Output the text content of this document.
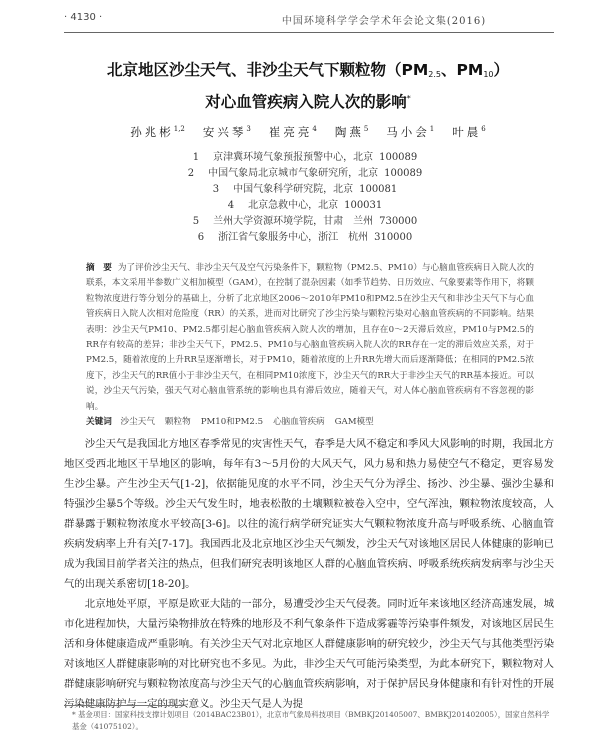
· 4130 ·	中国环境科学学会学术年会论文集(2016)
北京地区沙尘天气、非沙尘天气下颗粒物（$PM_{2.5}$、$PM_{10}$）
对心血管疾病入院人次的影响*
孙兆彬$^{1,2}$ 安兴琴$^3$ 崔亮亮$^4$ 陶燕$^5$ 马小会$^1$ 叶晨$^6$
1 京津冀环境气象预报预警中心，北京 100089
2 中国气象局北京城市气象研究所，北京 100089
3 中国气象科学研究院，北京 100081
4 北京急救中心，北京 100031
5 兰州大学资源环境学院，甘肃　兰州 730000
6 浙江省气象服务中心，浙江　杭州 310000
摘　要 为了评价沙尘天气、非沙尘天气及空气污染条件下，颗粒物（PM2.5、PM10）与心脑血管疾病日入院人次的联系，本文采用半参数广义相加模型（GAM），在控制了混杂因素（如季节趋势、日历效应、气象要素等作用下，将颗粒物浓度进行等分划分的基础上，分析了北京地区2006～2010年PM10和PM2.5在沙尘天气和非沙尘天气下与心血管疾病日入院人次相对危险度（RR）的关系，进而对比研究了沙尘污染与颗粒污染对心脑血管疾病的不同影响。结果表明：沙尘天气PM10、PM2.5都引起心脑血管疾病入院人次的增加，且存在0～2天滞后效应，PM10与PM2.5的RR存有较高的差异；非沙尘天气下，PM2.5、PM10与心脑血管疾病入院人次的RR存在一定的滞后效应关系，对于PM2.5，随着浓度的上升RR呈逐渐增长，对于PM10，随着浓度的上升RR先增大而后逐渐降低；在相同的PM2.5浓度下，沙尘天气的RR值小于非沙尘天气，在相同PM10浓度下，沙尘天气的RR大于非沙尘天气的RR基本接近。可以说，沙尘天气污染，强天气对心脑血管系统的影响也具有滞后效应，随着天气，对人体心脑血管疾病有不容忽视的影响。
关键词 沙尘天气 颗粒物 PM10和PM2.5 心脑血管疾病 GAM模型

沙尘天气是我国北方地区春季常见的灾害性天气，春季是大风不稳定和季风大风影响的时期，我国北方地区受西北地区干旱地区的影响，每年有3～5月份的大风天气，风力易和热力易使空气不稳定，更容易发生沙尘暴。产生沙尘天气[1-2]，依据能见度的水平不同，沙尘天气分为浮尘、扬沙、沙尘暴、强沙尘暴和特强沙尘暴5个等级。沙尘天气发生时，地表松散的土壤颗粒被卷入空中，空气浑浊，颗粒物浓度较高，人群暴露于颗粒物浓度水平较高[3-6]。以往的流行病学研究证实大气颗粒物浓度升高与呼吸系统、心脑血管疾病发病率上升有关[7-17]。我国西北及北京地区沙尘天气频发，沙尘天气对该地区居民人体健康的影响已成为我国目前学者关注的热点，但我们研究表明该地区人群的心脑血管疾病、呼吸系统疾病发病率与沙尘天气的出现关系密切[18-20]。

北京地处平原，平原是欧亚大陆的一部分，易遭受沙尘天气侵袭。同时近年来该地区经济高速发展，城市化进程加快，大量污染物排放在特殊的地形及不利气象条件下造成雾霾等污染事件频发，对该地区居民生活和身体健康造成严重影响。有关沙尘天气对北京地区人群健康影响的研究较少，沙尘天气与其他类型污染对该地区人群健康影响的对比研究也不多见。为此，非沙尘天气可能污染类型，为此本研究下，颗粒物对人群健康影响研究与颗粒物浓度高与沙尘天气的心脑血管疾病影响，对于保护居民身体健康和有针对性的开展污染健康防护与一定的现实意义。沙尘天气是人为提

* 基金项目：国家科技支撑计划项目（2014BAC23B01），北京市气象局科技项目（BMBKJ201405007、BMBKJ201402005），国家自然科学基金（41075102）。
